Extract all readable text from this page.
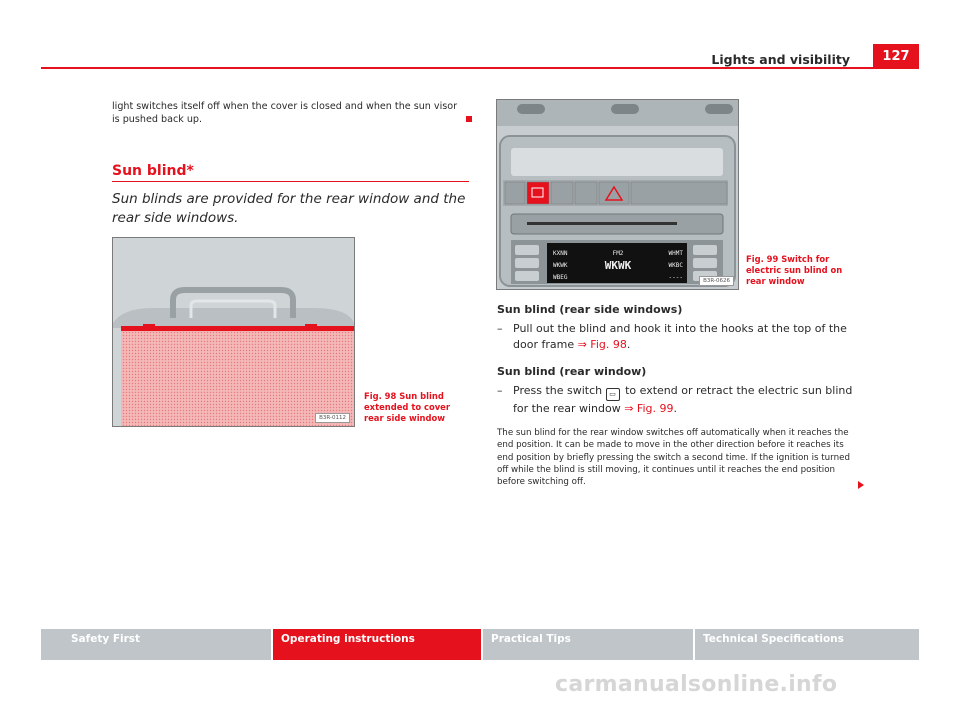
Lights and visibility	127
light switches itself off when the cover is closed and when the sun visor is pushed back up.
Sun blind*
Sun blinds are provided for the rear window and the rear side windows.
B3R-0112
Fig. 98 Sun blind extended to cover rear side window
KXNN	FM2	WHMT
WKWK	WKWK	WKBC
WBEG	----	B3R-0626
Fig. 99 Switch for electric sun blind on rear window
Sun blind (rear side windows)
– Pull out the blind and hook it into the hooks at the top of the door frame ⇒ Fig. 98.
Sun blind (rear window)
– Press the switch ▭ to extend or retract the electric sun blind for the rear window ⇒ Fig. 99.
The sun blind for the rear window switches off automatically when it reaches the end position. It can be made to move in the other direction before it reaches its end position by briefly pressing the switch a second time. If the ignition is turned off while the blind is still moving, it continues until it reaches the end position before switching off.
Safety First	Operating instructions	Practical Tips	Technical Specifications
carmanualsonline.info
